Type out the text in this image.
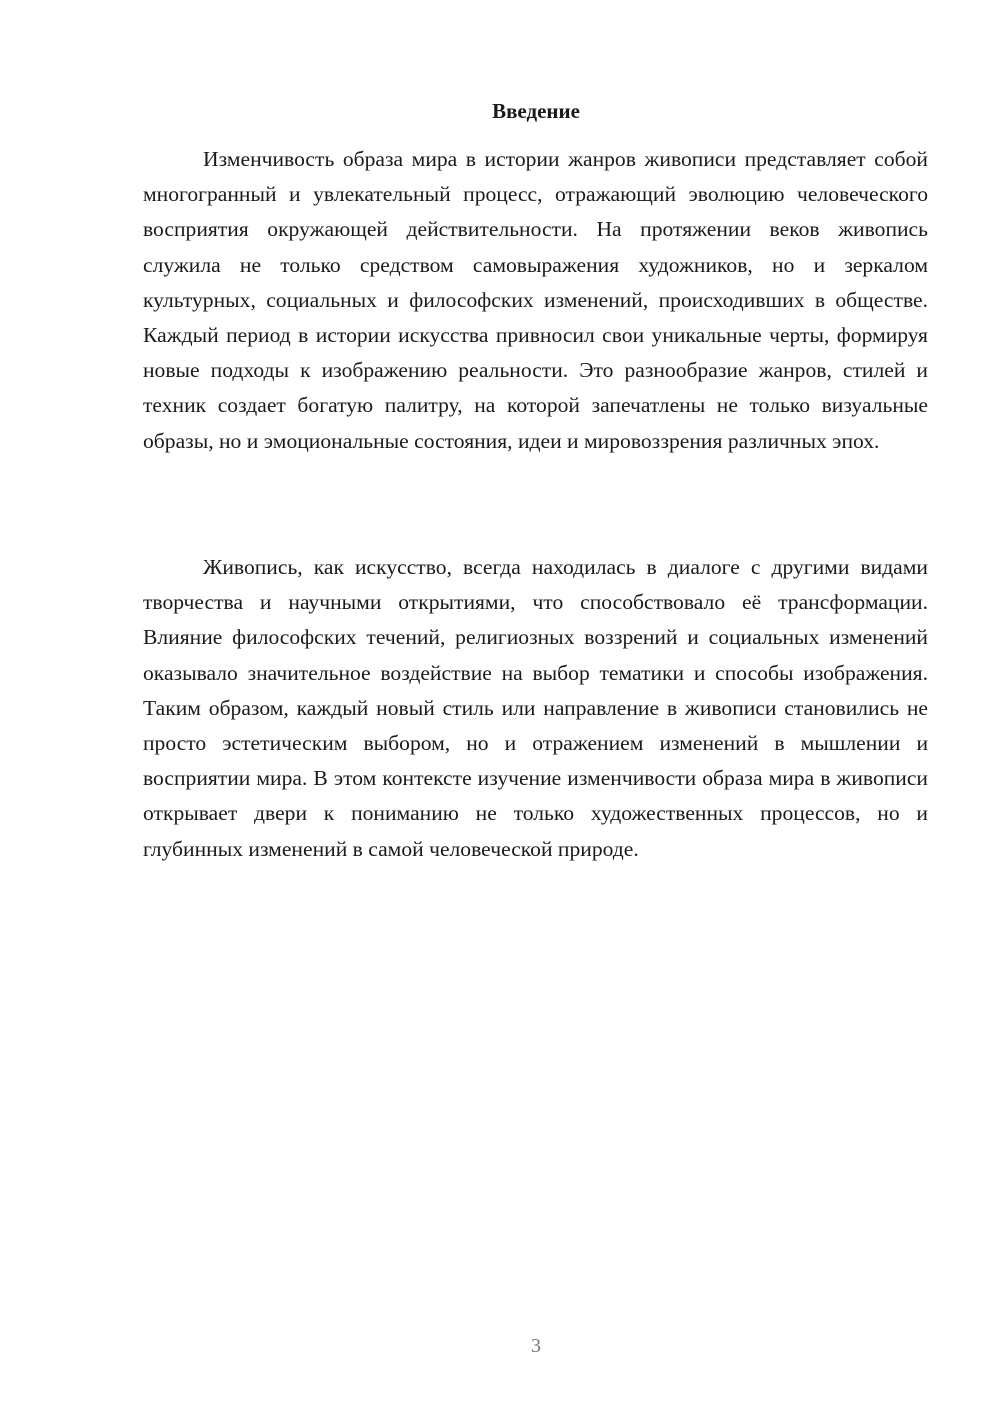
Введение

Изменчивость образа мира в истории жанров живописи представляет собой многогранный и увлекательный процесс, отражающий эволюцию человеческого восприятия окружающей действительности. На протяжении веков живопись служила не только средством самовыражения художников, но и зеркалом культурных, социальных и философских изменений, происходивших в обществе. Каждый период в истории искусства привносил свои уникальные черты, формируя новые подходы к изображению реальности. Это разнообразие жанров, стилей и техник создает богатую палитру, на которой запечатлены не только визуальные образы, но и эмоциональные состояния, идеи и мировоззрения различных эпох.

Живопись, как искусство, всегда находилась в диалоге с другими видами творчества и научными открытиями, что способствовало её трансформации. Влияние философских течений, религиозных воззрений и социальных изменений оказывало значительное воздействие на выбор тематики и способы изображения. Таким образом, каждый новый стиль или направление в живописи становились не просто эстетическим выбором, но и отражением изменений в мышлении и восприятии мира. В этом контексте изучение изменчивости образа мира в живописи открывает двери к пониманию не только художественных процессов, но и глубинных изменений в самой человеческой природе.

3
